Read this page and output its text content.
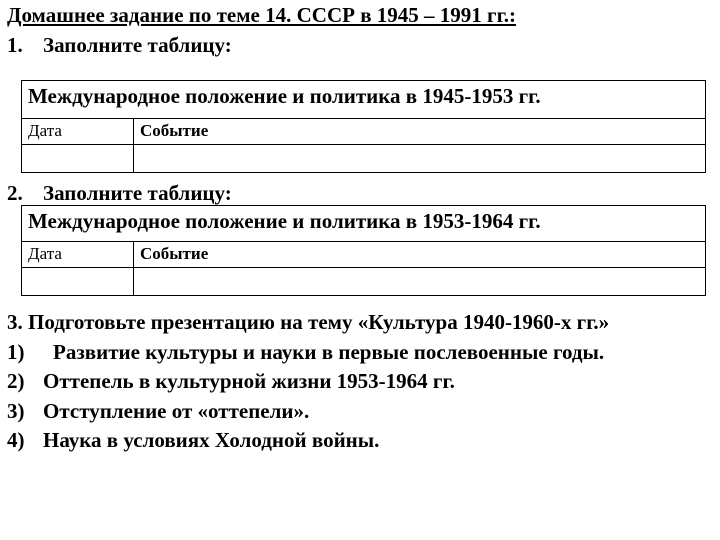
Домашнее задание по теме 14. СССР в 1945 – 1991 гг.:
1. Заполните таблицу:
Международное положение и политика в 1945-1953 гг.	
Дата	Событие

2. Заполните таблицу:
Международное положение и политика в 1953-1964 гг.	
Дата	Событие

3. Подготовьте презентацию на тему «Культура 1940-1960-х гг.»
1) Развитие культуры и науки в первые послевоенные годы.
2) Оттепель в культурной жизни 1953-1964 гг.
3) Отступление от «оттепели».
4) Наука в условиях Холодной войны.
